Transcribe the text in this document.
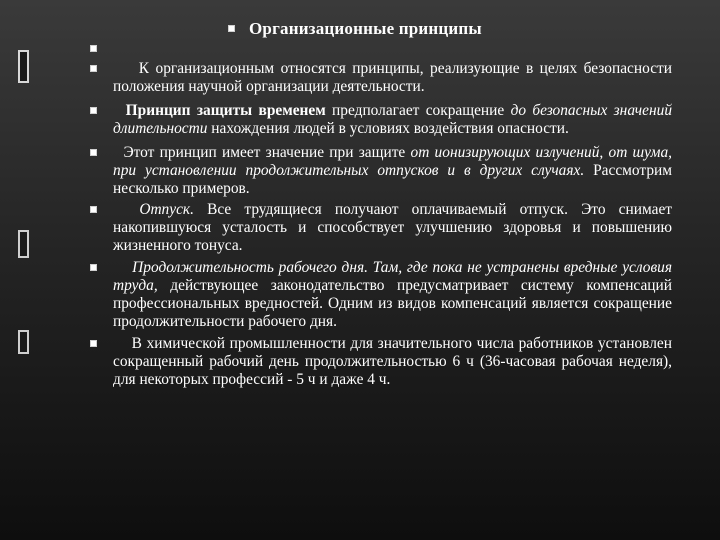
Организационные принципы
К организационным относятся принципы, реализующие в целях безопасности положения научной организации деятельности.
Принцип защиты временем предполагает сокращение до безопасных значений длительности нахождения людей в условиях воздействия опасности.
Этот принцип имеет значение при защите от ионизирующих излучений, от шума, при установлении продолжительных отпусков и в других случаях. Рассмотрим несколько примеров.
Отпуск. Все трудящиеся получают оплачиваемый отпуск. Это снимает накопившуюся усталость и способствует улучшению здоровья и повышению жизненного тонуса.
Продолжительность рабочего дня. Там, где пока не устранены вредные условия труда, действующее законодательство предусматривает систему компенсаций профессиональных вредностей. Одним из видов компенсаций является сокращение продолжительности рабочего дня.
В химической промышленности для значительного числа работников установлен сокращенный рабочий день продолжительностью 6 ч (36-часовая рабочая неделя), для некоторых профессий - 5 ч и даже 4 ч.
